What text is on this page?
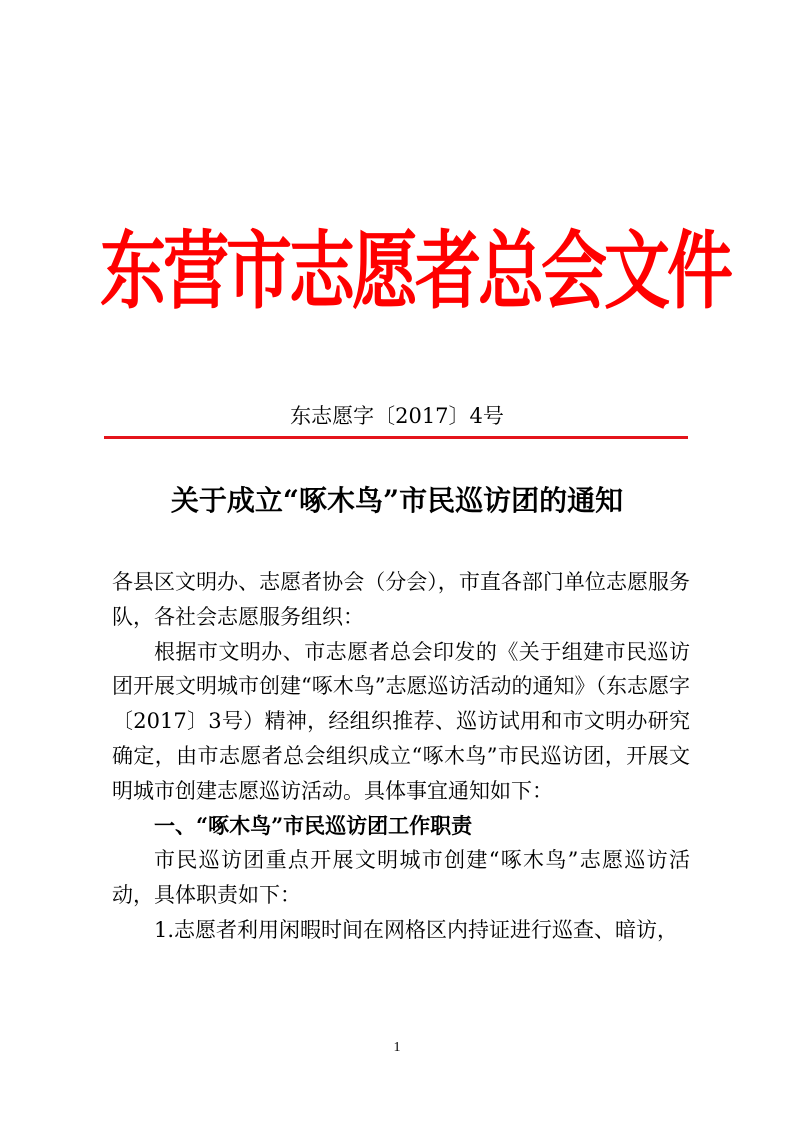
东营市志愿者总会文件
东志愿字〔2017〕4号
关于成立“啄木鸟”市民巡访团的通知

各县区文明办、志愿者协会（分会），市直各部门单位志愿服务队，各社会志愿服务组织：

根据市文明办、市志愿者总会印发的《关于组建市民巡访团开展文明城市创建“啄木鸟”志愿巡访活动的通知》（东志愿字〔2017〕3号）精神，经组织推荐、巡访试用和市文明办研究确定，由市志愿者总会组织成立“啄木鸟”市民巡访团，开展文明城市创建志愿巡访活动。具体事宜通知如下：

一、“啄木鸟”市民巡访团工作职责

市民巡访团重点开展文明城市创建“啄木鸟”志愿巡访活动，具体职责如下：

1.志愿者利用闲暇时间在网格区内持证进行巡查、暗访，

1
